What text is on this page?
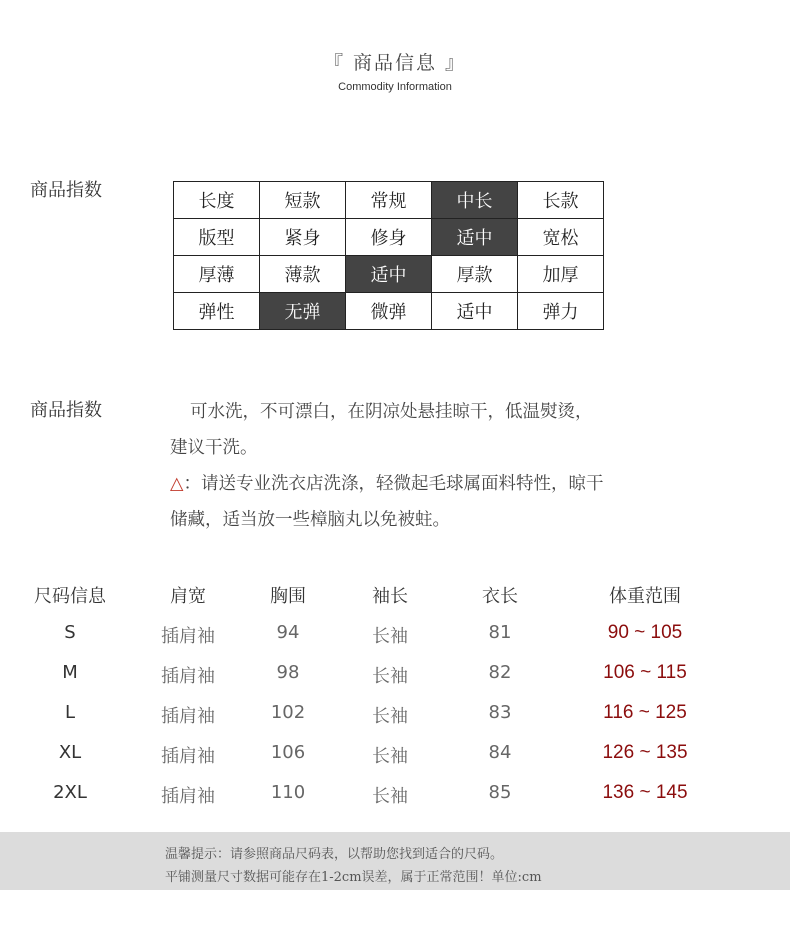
『 商品信息 』
Commodity Information
商品指数
长度	短款	常规	中长	长款
版型	紧身	修身	适中	宽松
厚薄	薄款	适中	厚款	加厚
弹性	无弹	微弹	适中	弹力
商品指数	可水洗，不可漂白，在阴凉处悬挂晾干，低温熨烫，
建议干洗。
△：请送专业洗衣店洗涤，轻微起毛球属面料特性，晾干
储藏，适当放一些樟脑丸以免被蛀。
尺码信息	肩宽	胸围	袖长	衣长	体重范围
S	插肩袖	94	长袖	81	90 ~ 105
M	插肩袖	98	长袖	82	106 ~ 115
L	插肩袖	102	长袖	83	116 ~ 125
XL	插肩袖	106	长袖	84	126 ~ 135
2XL	插肩袖	110	长袖	85	136 ~ 145
温馨提示：请参照商品尺码表，以帮助您找到适合的尺码。
平铺测量尺寸数据可能存在1-2cm误差，属于正常范围！单位:cm
